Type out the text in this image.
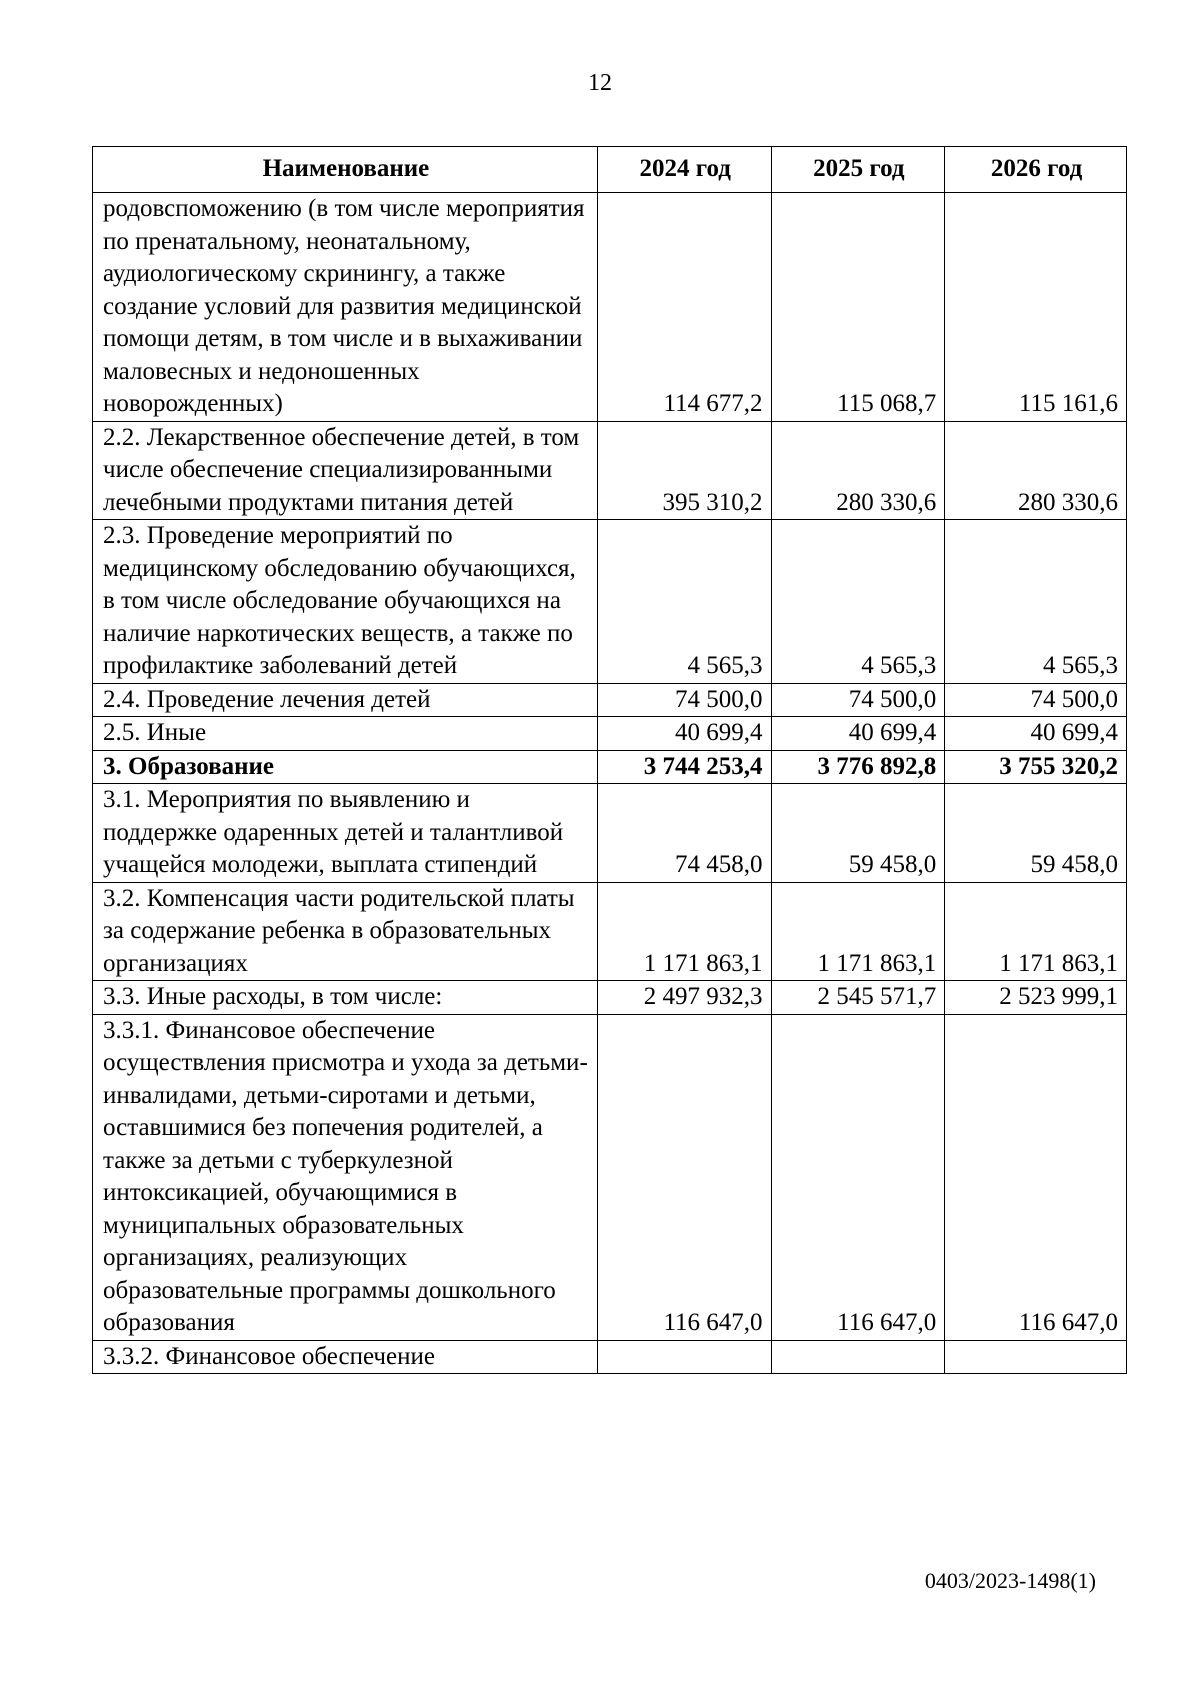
12
Наименование	2024 год	2025 год	2026 год
родовспоможению (в том числе мероприятия по пренатальному, неонатальному, аудиологическому скринингу, а также создание условий для развития медицинской помощи детям, в том числе и в выхаживании маловесных и недоношенных новорожденных)	114 677,2	115 068,7	115 161,6
2.2. Лекарственное обеспечение детей, в том числе обеспечение специализированными лечебными продуктами питания детей	395 310,2	280 330,6	280 330,6
2.3. Проведение мероприятий по медицинскому обследованию обучающихся, в том числе обследование обучающихся на наличие наркотических веществ, а также по профилактике заболеваний детей	4 565,3	4 565,3	4 565,3
2.4. Проведение лечения детей	74 500,0	74 500,0	74 500,0
2.5. Иные	40 699,4	40 699,4	40 699,4
3. Образование	3 744 253,4	3 776 892,8	3 755 320,2
3.1. Мероприятия по выявлению и поддержке одаренных детей и талантливой учащейся молодежи, выплата стипендий	74 458,0	59 458,0	59 458,0
3.2. Компенсация части родительской платы за содержание ребенка в образовательных организациях	1 171 863,1	1 171 863,1	1 171 863,1
3.3. Иные расходы, в том числе:	2 497 932,3	2 545 571,7	2 523 999,1
3.3.1. Финансовое обеспечение осуществления присмотра и ухода за детьми-инвалидами, детьми-сиротами и детьми, оставшимися без попечения родителей, а также за детьми с туберкулезной интоксикацией, обучающимися в муниципальных образовательных организациях, реализующих образовательные программы дошкольного образования	116 647,0	116 647,0	116 647,0
3.3.2. Финансовое обеспечение			
0403/2023-1498(1)
